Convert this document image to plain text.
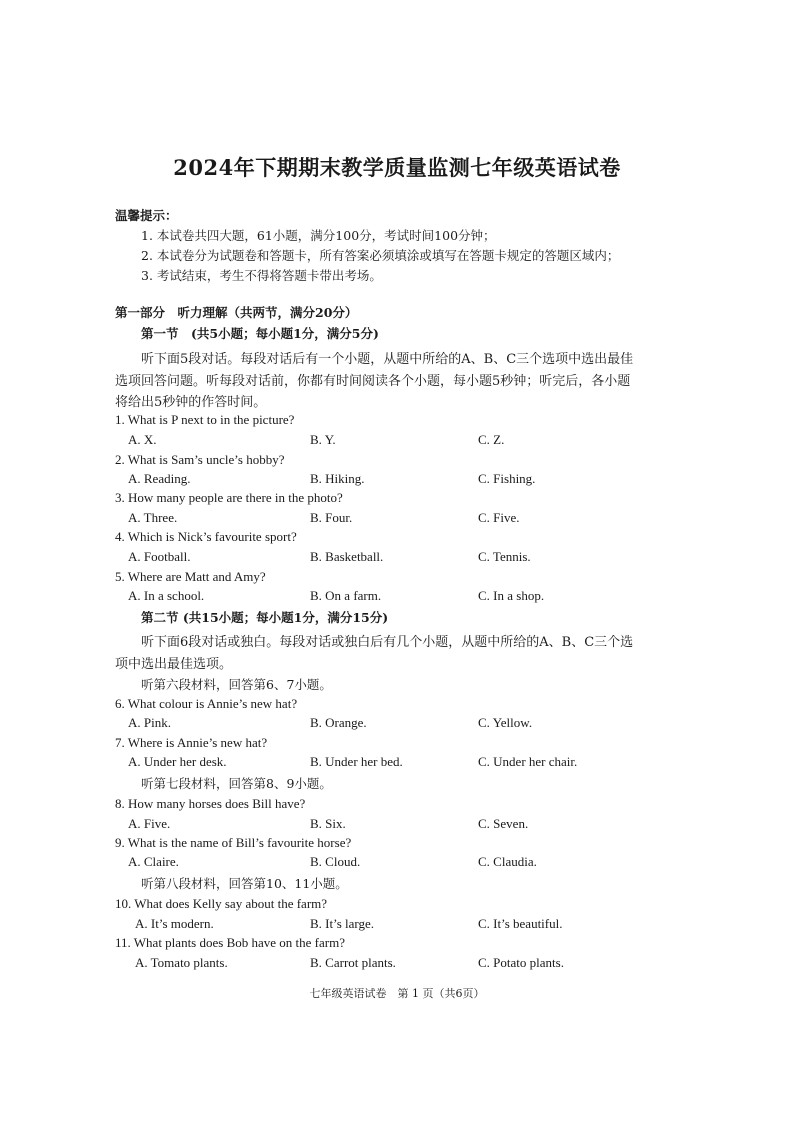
2024年下期期末教学质量监测七年级英语试卷
温馨提示：
1. 本试卷共四大题，61小题，满分100分，考试时间100分钟；
2. 本试卷分为试题卷和答题卡，所有答案必须填涂或填写在答题卡规定的答题区域内；
3. 考试结束，考生不得将答题卡带出考场。
第一部分　听力理解（共两节，满分20分）
第一节　(共5小题；每小题1分，满分5分)
听下面5段对话。每段对话后有一个小题，从题中所给的A、B、C三个选项中选出最佳
选项回答问题。听每段对话前，你都有时间阅读各个小题，每小题5秒钟；听完后，各小题
将给出5秒钟的作答时间。
1. What is P next to in the picture?
A. X.	B. Y.	C. Z.
2. What is Sam’s uncle’s hobby?
A. Reading.	B. Hiking.	C. Fishing.
3. How many people are there in the photo?
A. Three.	B. Four.	C. Five.
4. Which is Nick’s favourite sport?
A. Football.	B. Basketball.	C. Tennis.
5. Where are Matt and Amy?
A. In a school.	B. On a farm.	C. In a shop.
第二节 (共15小题；每小题1分，满分15分)
听下面6段对话或独白。每段对话或独白后有几个小题，从题中所给的A、B、C三个选
项中选出最佳选项。
听第六段材料，回答第6、7小题。
6. What colour is Annie’s new hat?
A. Pink.	B. Orange.	C. Yellow.
7. Where is Annie’s new hat?
A. Under her desk.	B. Under her bed.	C. Under her chair.
听第七段材料，回答第8、9小题。
8. How many horses does Bill have?
A. Five.	B. Six.	C. Seven.
9. What is the name of Bill’s favourite horse?
A. Claire.	B. Cloud.	C. Claudia.
听第八段材料，回答第10、11小题。
10. What does Kelly say about the farm?
A. It’s modern.	B. It’s large.	C. It’s beautiful.
11. What plants does Bob have on the farm?
A. Tomato plants.	B. Carrot plants.	C. Potato plants.
七年级英语试卷　第 1 页（共6页）
